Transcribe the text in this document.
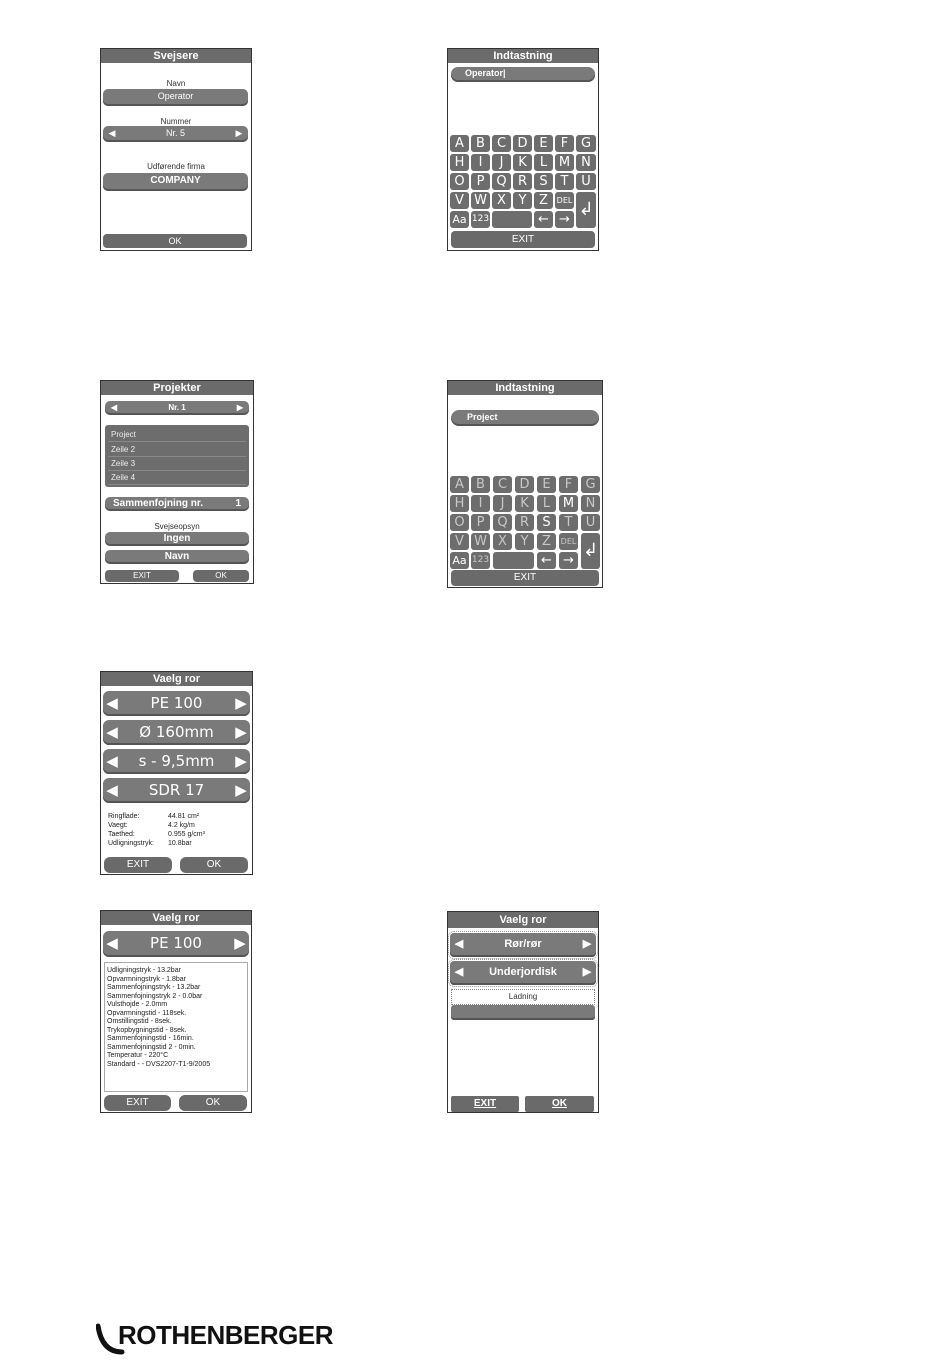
Svejsere
Navn
Operator
Nummer
◀	Nr. 5	▶
Udførende firma
COMPANY
OK
Indtastning
Operator|
A B C D E	F G
H	I	J	K	L M N
O P Q R S T U
V W X Y Z	DEL ↲
Aa 123	← →
EXIT
Projekter
◀	Nr. 1	▶
Project
Zeile 2
Zeile 3
Zeile 4
Sammenfojning nr.	1
Svejseopsyn
Ingen
Navn
EXIT	OK
Indtastning
Project
A B	C D E	F	G
H	I	J	K	L M N
O P Q R	S	T	U
V W X	Y	Z	DEL ↲
Aa 123	← →
EXIT
Vaelg ror
◀ PE 100 ▶
◀ Ø 160mm ▶
◀ s - 9,5mm ▶
◀ SDR 17 ▶
Ringflade:	44.81 cm²
Vaegt:	4.2 kg/m
Taethed:	0.955 g/cm³
Udligningstryk: 10.8bar
EXIT	OK
Vaelg ror
◀ PE 100 ▶
Udligningstryk - 13.2bar
Opvarmningstryk - 1.8bar
Sammenfojningstryk - 13.2bar
Sammenfojningstryk 2 - 0.0bar
Vulsthojde - 2.0mm
Opvarmningstid - 118sek.
Omstillingstid - 8sek.
Trykopbygningstid - 8sek.
Sammenfojningstid - 16min.
Sammenfojningstid 2 - 0min.
Temperatur - 220°C
Standard - - DVS2207-T1-9/2005
EXIT	OK
Vaelg ror
◀	Rør/rør	▶
◀ Underjordisk ▶
Ladning
EXIT	OK
ROTHENBERGER
